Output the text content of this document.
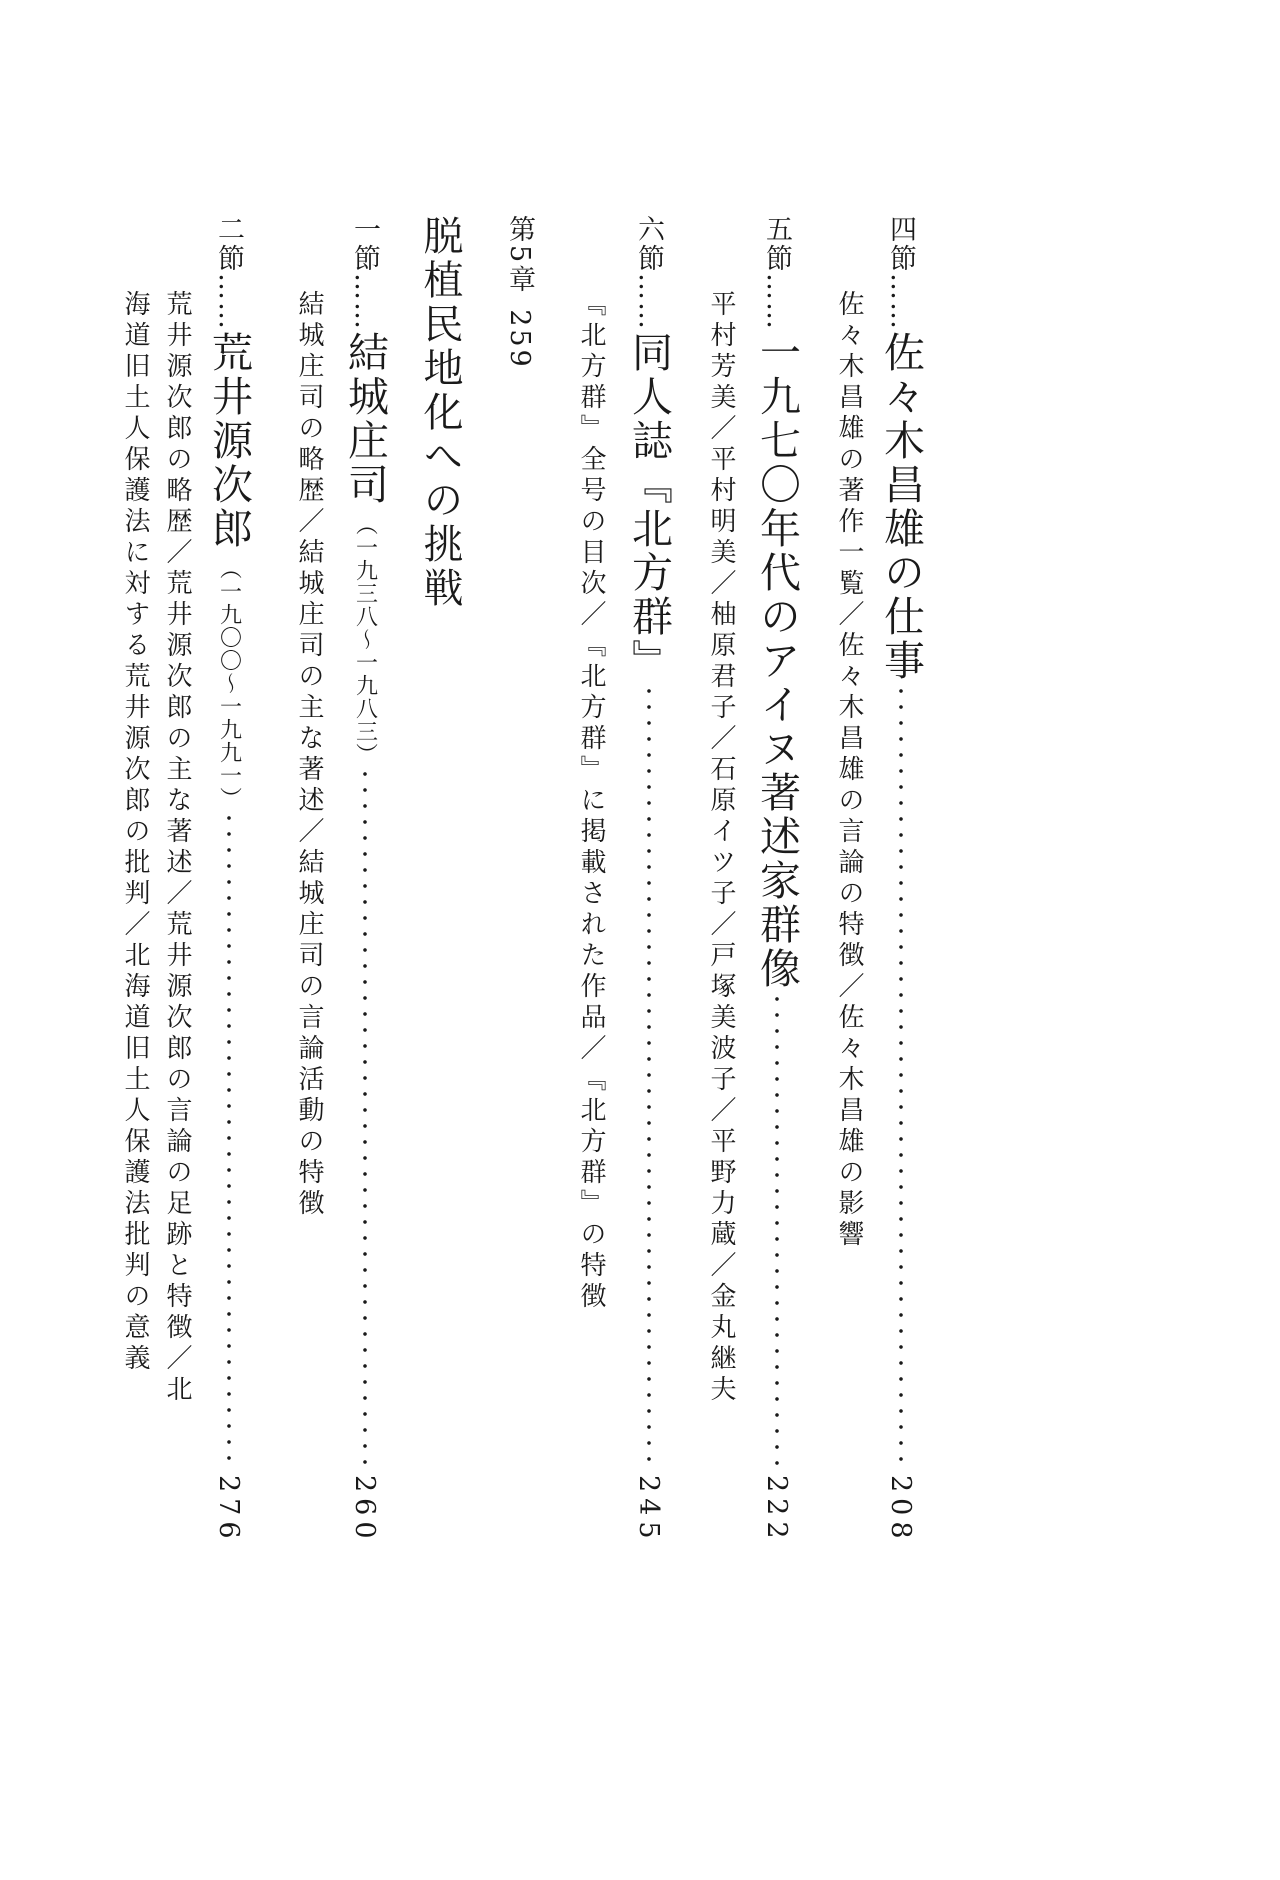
四節
……
佐々木昌雄の仕事
208
佐々木昌雄の著作一覧／佐々木昌雄の言論の特徴／佐々木昌雄の影響
五節
……
一九七〇年代のアイヌ著述家群像
222
平村芳美／平村明美／柚原君子／石原イツ子／戸塚美波子／平野力蔵／金丸継夫
六節
……
同人誌『北方群』
245
『北方群』全号の目次／『北方群』に掲載された作品／『北方群』の特徴
第5章259
脱植民地化への挑戦
一節
……
結城庄司
（一九三八～一九八三）
260
結城庄司の略歴／結城庄司の主な著述／結城庄司の言論活動の特徴
二節
……
荒井源次郎
（一九〇〇～一九九一）
276
荒井源次郎の略歴／荒井源次郎の主な著述／荒井源次郎の言論の足跡と特徴／北
海道旧土人保護法に対する荒井源次郎の批判／北海道旧土人保護法批判の意義
